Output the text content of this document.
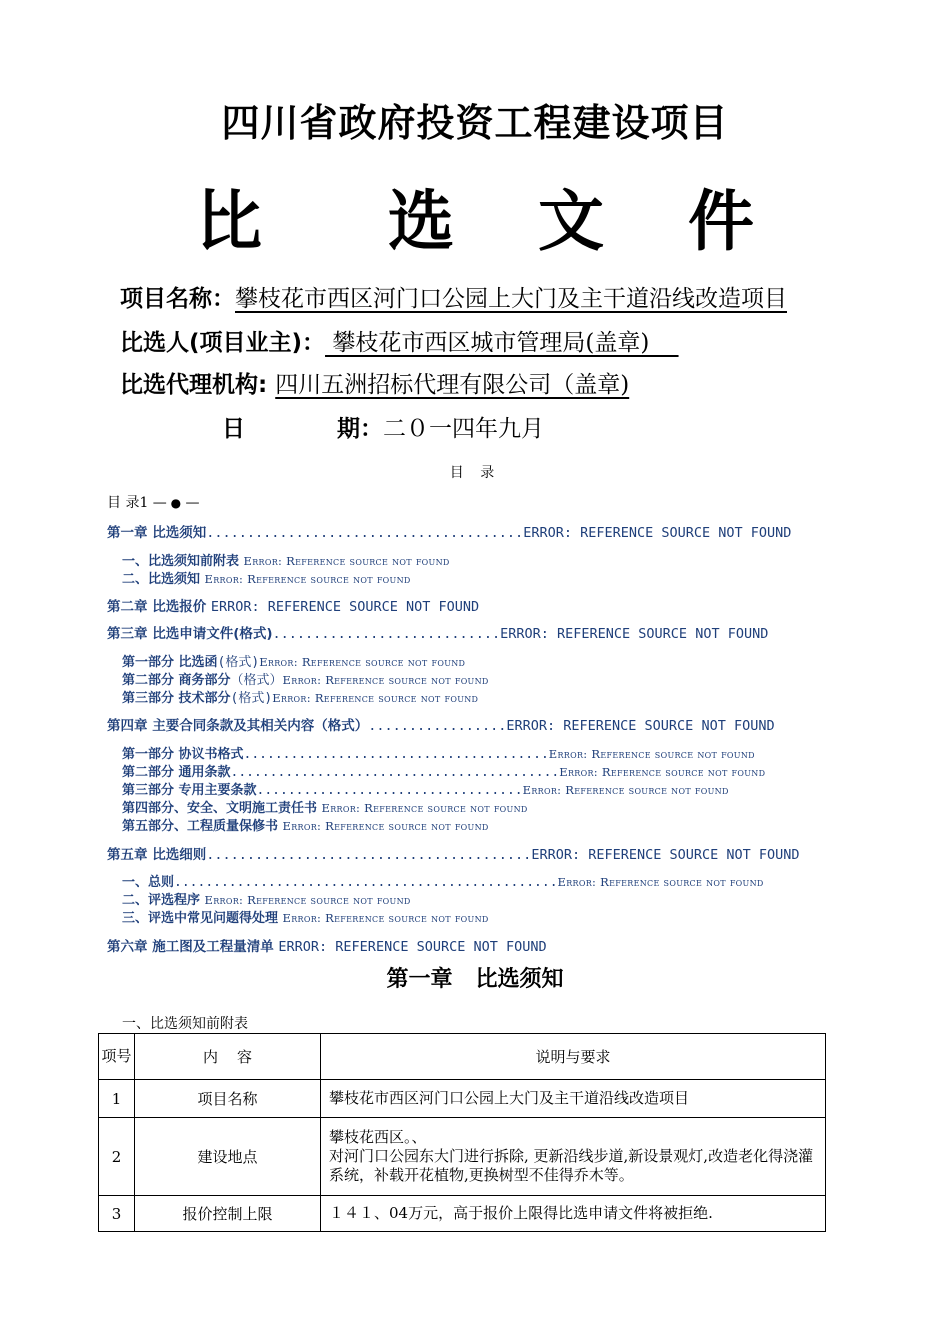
四川省政府投资工程建设项目
比 选 文 件
项目名称：攀枝花市西区河门口公园上大门及主干道沿线改造项目
比选人(项目业主)： 攀枝花市西区城市管理局(盖章)
比选代理机构: 四川五洲招标代理有限公司（盖章)
日	期：二０一四年九月
目 录
目 录1 — ● —
第一章 比选须知.......................................ERROR: REFERENCE SOURCE NOT FOUND
一、比选须知前附表 Error: Reference source not found
二、比选须知 Error: Reference source not found
第二章 比选报价 ERROR: REFERENCE SOURCE NOT FOUND
第三章 比选申请文件(格式)............................ERROR: REFERENCE SOURCE NOT FOUND
第一部分 比选函(格式)Error: Reference source not found
第二部分 商务部分（格式）Error: Reference source not found
第三部分 技术部分(格式)Error: Reference source not found
第四章 主要合同条款及其相关内容（格式）.................ERROR: REFERENCE SOURCE NOT FOUND
第一部分 协议书格式.......................................Error: Reference source not found
第二部分 通用条款..........................................Error: Reference source not found
第三部分 专用主要条款..................................Error: Reference source not found
第四部分、安全、文明施工责任书 Error: Reference source not found
第五部分、工程质量保修书 Error: Reference source not found
第五章 比选细则........................................ERROR: REFERENCE SOURCE NOT FOUND
一、总则.................................................Error: Reference source not found
二、评选程序 Error: Reference source not found
三、评选中常见问题得处理 Error: Reference source not found
第六章 施工图及工程量清单 ERROR: REFERENCE SOURCE NOT FOUND
第一章   比选须知
一、比选须知前附表
项号	内    容	说明与要求
1	项目名称	攀枝花市西区河门口公园上大门及主干道沿线改造项目
2	建设地点	攀枝花西区。、
对河门口公园东大门进行拆除, 更新沿线步道,新设景观灯,改造老化得浇灌系统，补载开花植物,更换树型不佳得乔木等。

3	报价控制上限	１４１、04万元，高于报价上限得比选申请文件将被拒绝.
